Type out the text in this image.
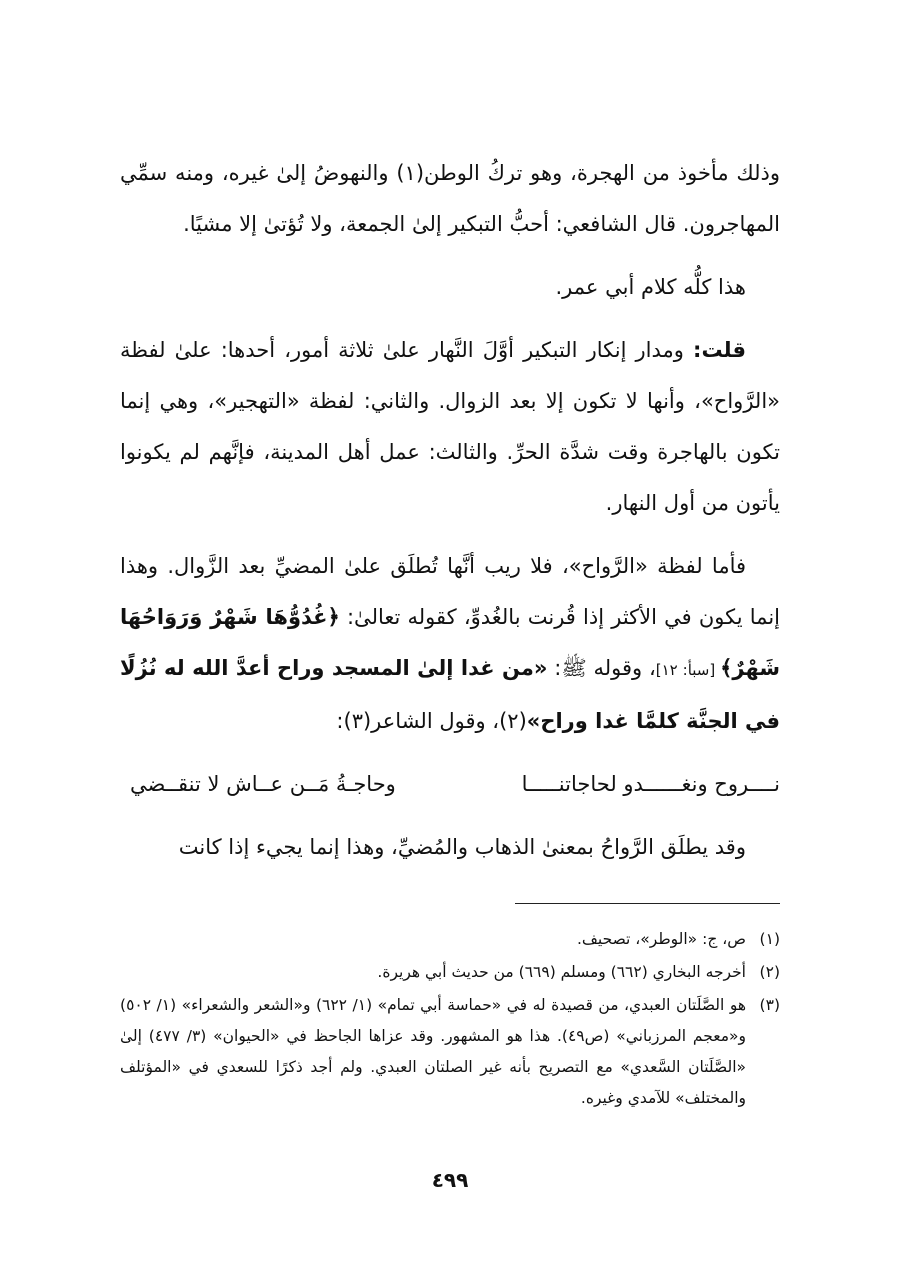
وذلك مأخوذ من الهجرة، وهو تركُ الوطن(١) والنهوضُ إلىٰ غيره، ومنه سمِّي المهاجرون. قال الشافعي: أحبُّ التبكير إلىٰ الجمعة، ولا تُؤتىٰ إلا مشيًا.

هذا كلُّه كلام أبي عمر.

قلت: ومدار إنكار التبكير أوَّلَ النَّهار علىٰ ثلاثة أمور، أحدها: علىٰ لفظة «الرَّواح»، وأنها لا تكون إلا بعد الزوال. والثاني: لفظة «التهجير»، وهي إنما تكون بالهاجرة وقت شدَّة الحرِّ. والثالث: عمل أهل المدينة، فإنَّهم لم يكونوا يأتون من أول النهار.

فأما لفظة «الرَّواح»، فلا ريب أنَّها تُطلَق علىٰ المضيِّ بعد الزَّوال. وهذا إنما يكون في الأكثر إذا قُرنت بالغُدوِّ، كقوله تعالىٰ: ﴿غُدُوُّهَا شَهْرٌ وَرَوَاحُهَا شَهْرٌ﴾ [سبأ: ١٢]، وقوله ﷺ: «من غدا إلىٰ المسجد وراح أعدَّ الله له نُزُلًا في الجنَّة كلمَّا غدا وراح»(٢)، وقول الشاعر(٣):

نــــروح ونغــــــدو لحاجاتنـــــا
وحاجـةُ مَــن عــاش لا تنقــضي

وقد يطلَق الرَّواحُ بمعنىٰ الذهاب والمُضيِّ، وهذا إنما يجيء إذا كانت

(١)
ص، ج: «الوطر»، تصحيف.
(٢)
أخرجه البخاري (٦٦٢) ومسلم (٦٦٩) من حديث أبي هريرة.
(٣)
هو الصَّلَتان العبدي، من قصيدة له في «حماسة أبي تمام» (١/ ٦٢٢) و«الشعر والشعراء» (١/ ٥٠٢) و«معجم المرزباني» (ص٤٩). هذا هو المشهور. وقد عزاها الجاحظ في «الحيوان» (٣/ ٤٧٧) إلىٰ «الصَّلَتان السَّعدي» مع التصريح بأنه غير الصلتان العبدي. ولم أجد ذكرًا للسعدي في «المؤتلف والمختلف» للآمدي وغيره.
٤٩٩
